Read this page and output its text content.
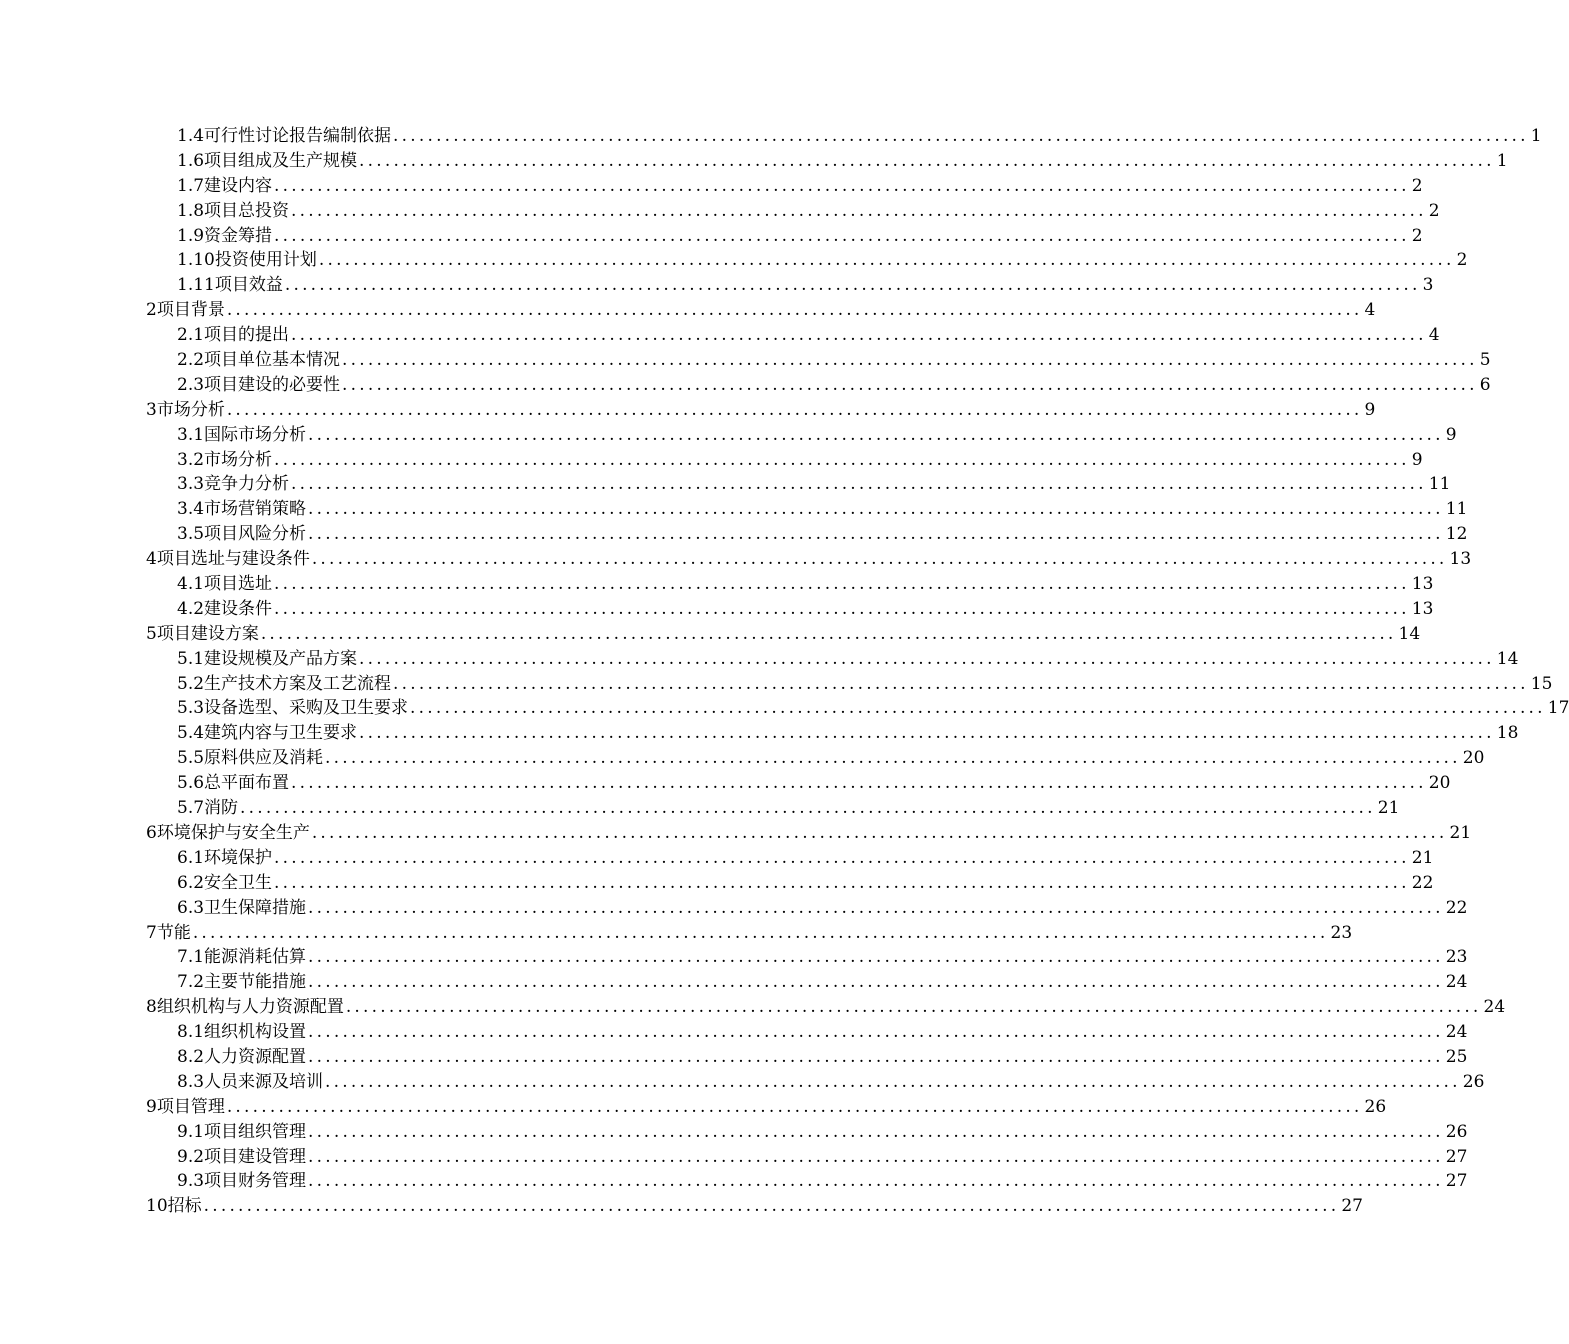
1.4可行性讨论报告编制依据 .................................................................................................................................... 1
1.6项目组成及生产规模 .................................................................................................................................... 1
1.7建设内容 .................................................................................................................................... 2
1.8项目总投资 .................................................................................................................................... 2
1.9资金筹措 .................................................................................................................................... 2
1.10投资使用计划 .................................................................................................................................... 2
1.11项目效益 .................................................................................................................................... 3
2项目背景 .................................................................................................................................... 4
2.1项目的提出 .................................................................................................................................... 4
2.2项目单位基本情况 .................................................................................................................................... 5
2.3项目建设的必要性 .................................................................................................................................... 6
3市场分析 .................................................................................................................................... 9
3.1国际市场分析 .................................................................................................................................... 9
3.2市场分析 .................................................................................................................................... 9
3.3竞争力分析 .................................................................................................................................... 11
3.4市场营销策略 .................................................................................................................................... 11
3.5项目风险分析 .................................................................................................................................... 12
4项目选址与建设条件 .................................................................................................................................... 13
4.1项目选址 .................................................................................................................................... 13
4.2建设条件 .................................................................................................................................... 13
5项目建设方案 .................................................................................................................................... 14
5.1建设规模及产品方案 .................................................................................................................................... 14
5.2生产技术方案及工艺流程 .................................................................................................................................... 15
5.3设备选型、采购及卫生要求 .................................................................................................................................... 17
5.4建筑内容与卫生要求 .................................................................................................................................... 18
5.5原料供应及消耗 .................................................................................................................................... 20
5.6总平面布置 .................................................................................................................................... 20
5.7消防 .................................................................................................................................... 21
6环境保护与安全生产 .................................................................................................................................... 21
6.1环境保护 .................................................................................................................................... 21
6.2安全卫生 .................................................................................................................................... 22
6.3卫生保障措施 .................................................................................................................................... 22
7节能 .................................................................................................................................... 23
7.1能源消耗估算 .................................................................................................................................... 23
7.2主要节能措施 .................................................................................................................................... 24
8组织机构与人力资源配置 .................................................................................................................................... 24
8.1组织机构设置 .................................................................................................................................... 24
8.2人力资源配置 .................................................................................................................................... 25
8.3人员来源及培训 .................................................................................................................................... 26
9项目管理 .................................................................................................................................... 26
9.1项目组织管理 .................................................................................................................................... 26
9.2项目建设管理 .................................................................................................................................... 27
9.3项目财务管理 .................................................................................................................................... 27
10招标 .................................................................................................................................... 27
